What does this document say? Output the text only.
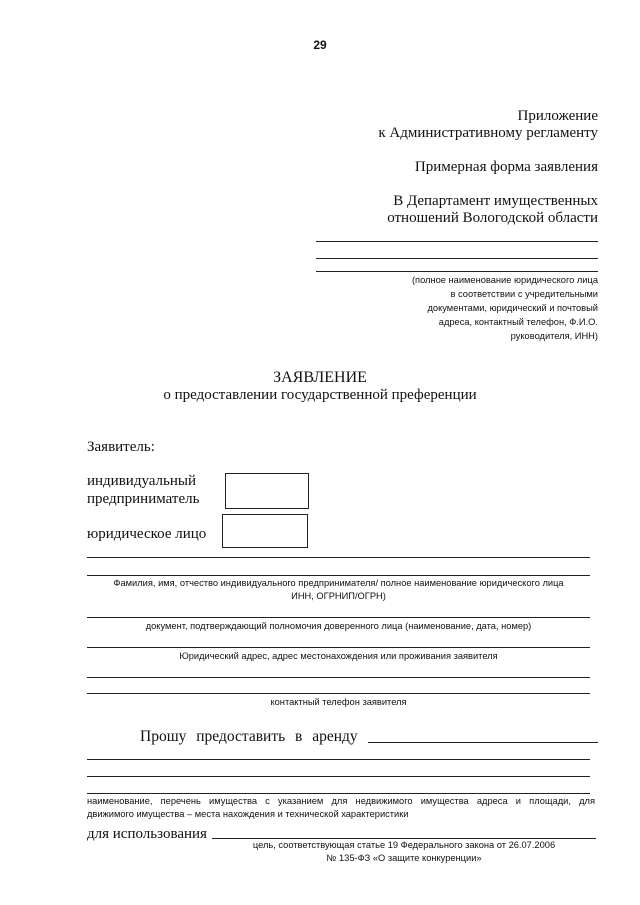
29
Приложение
к Административному регламенту
Примерная форма заявления
В Департамент имущественных
отношений Вологодской области
(полное наименование юридического лица
в соответствии с учредительными
документами, юридический и почтовый
адреса, контактный телефон, Ф.И.О.
руководителя, ИНН)
ЗАЯВЛЕНИЕ
о предоставлении государственной преференции
Заявитель:
индивидуальный
предприниматель
юридическое лицо
Фамилия, имя, отчество индивидуального предпринимателя/ полное наименование юридического лица
ИНН, ОГРНИП/ОГРН)
документ, подтверждающий полномочия доверенного лица (наименование, дата, номер)
Юридический адрес, адрес местонахождения или проживания заявителя
контактный телефон заявителя
Прошу предоставить в аренду
наименование, перечень имущества с указанием для недвижимого имущества адреса и площади, для
движимого имущества – места нахождения и технической характеристики
для использования
цель, соответствующая статье 19 Федерального закона от 26.07.2006
№ 135-ФЗ «О защите конкуренции»
